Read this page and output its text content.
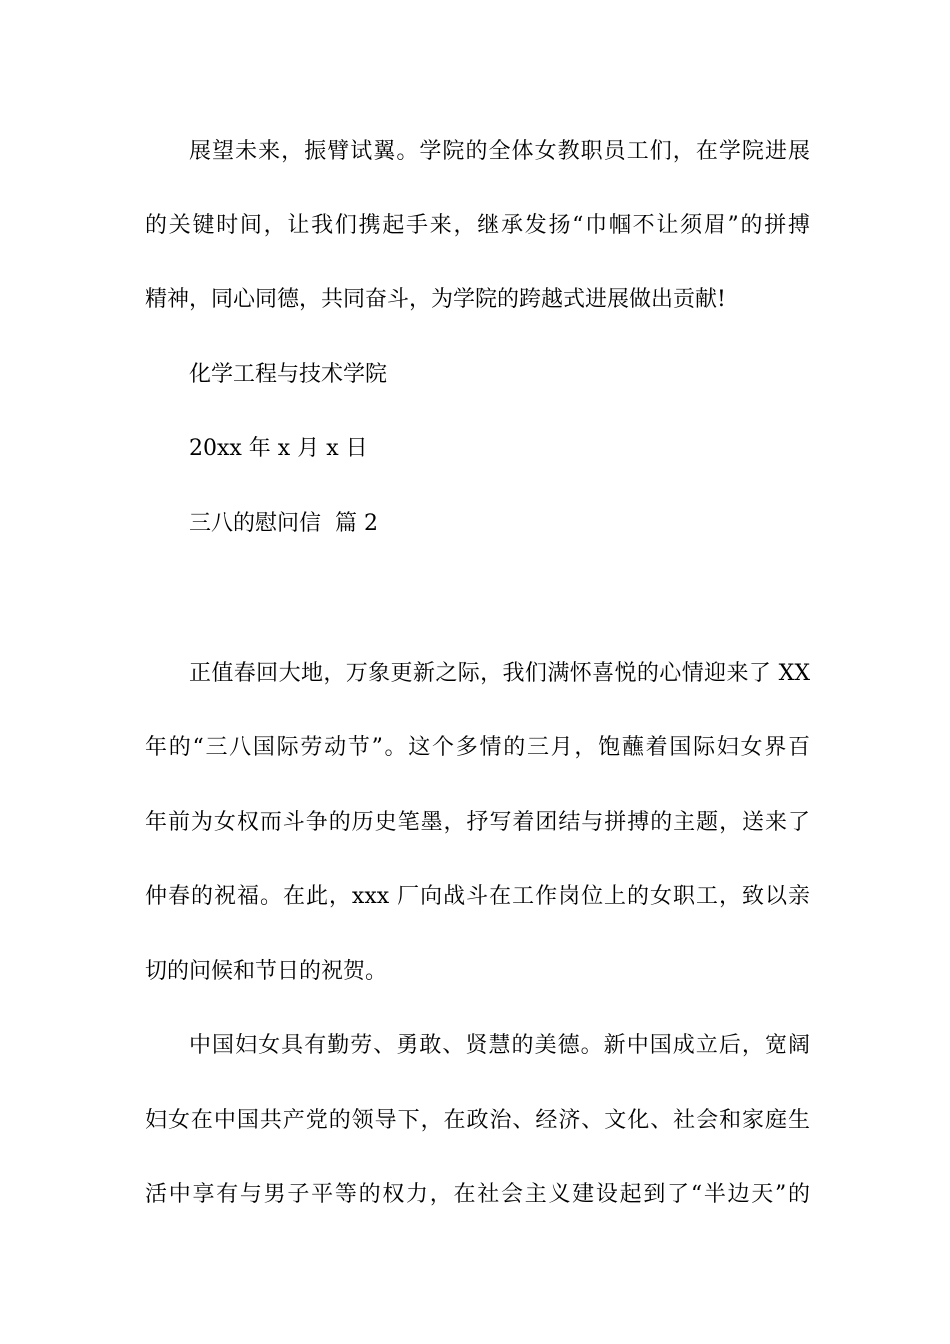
展望未来，振臂试翼。学院的全体女教职员工们，在学院进展
的关键时间，让我们携起手来，继承发扬“巾帼不让须眉”的拼搏
精神，同心同德，共同奋斗，为学院的跨越式进展做出贡献!
化学工程与技术学院
20xx 年 x 月 x 日
三八的慰问信  篇 2
正值春回大地，万象更新之际，我们满怀喜悦的心情迎来了 XX
年的“三八国际劳动节”。这个多情的三月，饱蘸着国际妇女界百
年前为女权而斗争的历史笔墨，抒写着团结与拼搏的主题，送来了
仲春的祝福。在此，xxx 厂向战斗在工作岗位上的女职工，致以亲
切的问候和节日的祝贺。
中国妇女具有勤劳、勇敢、贤慧的美德。新中国成立后，宽阔
妇女在中国共产党的领导下，在政治、经济、文化、社会和家庭生
活中享有与男子平等的权力，在社会主义建设起到了“半边天”的
